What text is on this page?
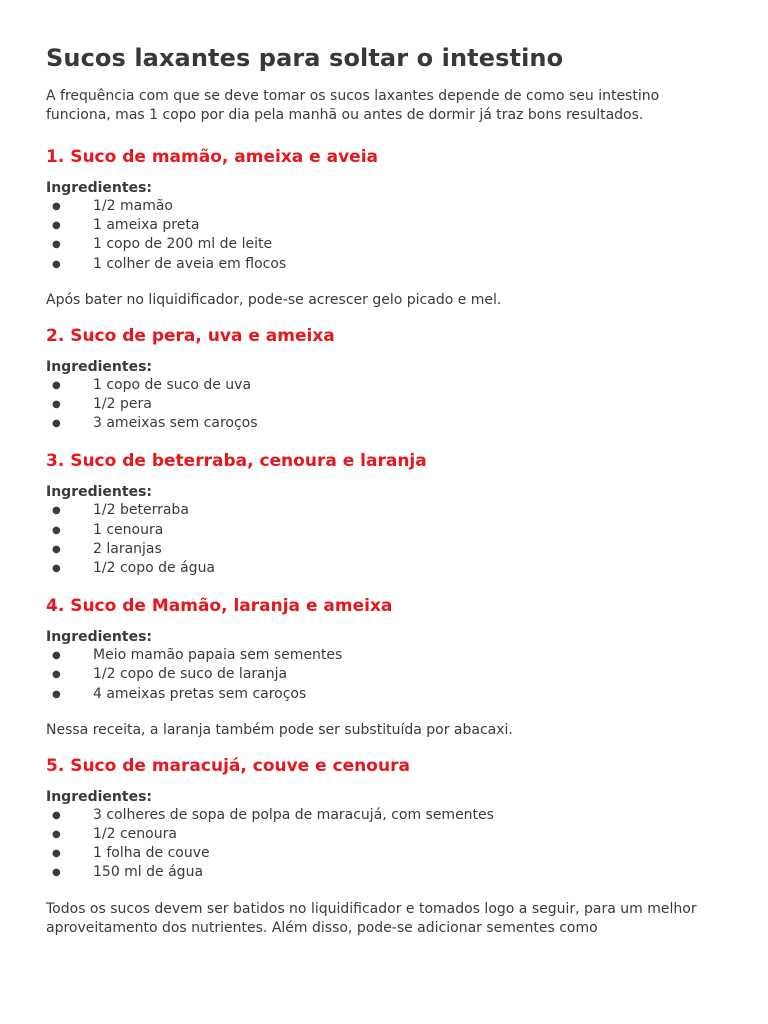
Sucos laxantes para soltar o intestino

A frequência com que se deve tomar os sucos laxantes depende de como seu intestino funciona, mas 1 copo por dia pela manhã ou antes de dormir já traz bons resultados.

1. Suco de mamão, ameixa e aveia
Ingredientes:
● 1/2 mamão
● 1 ameixa preta
● 1 copo de 200 ml de leite
● 1 colher de aveia em flocos

Após bater no liquidificador, pode-se acrescer gelo picado e mel.

2. Suco de pera, uva e ameixa
Ingredientes:
● 1 copo de suco de uva
● 1/2 pera
● 3 ameixas sem caroços
3. Suco de beterraba, cenoura e laranja
Ingredientes:
● 1/2 beterraba
● 1 cenoura
● 2 laranjas
● 1/2 copo de água
4. Suco de Mamão, laranja e ameixa
Ingredientes:
● Meio mamão papaia sem sementes
● 1/2 copo de suco de laranja
● 4 ameixas pretas sem caroços

Nessa receita, a laranja também pode ser substituída por abacaxi.

5. Suco de maracujá, couve e cenoura
Ingredientes:
● 3 colheres de sopa de polpa de maracujá, com sementes
● 1/2 cenoura
● 1 folha de couve
● 150 ml de água

Todos os sucos devem ser batidos no liquidificador e tomados logo a seguir, para um melhor aproveitamento dos nutrientes. Além disso, pode-se adicionar sementes como
